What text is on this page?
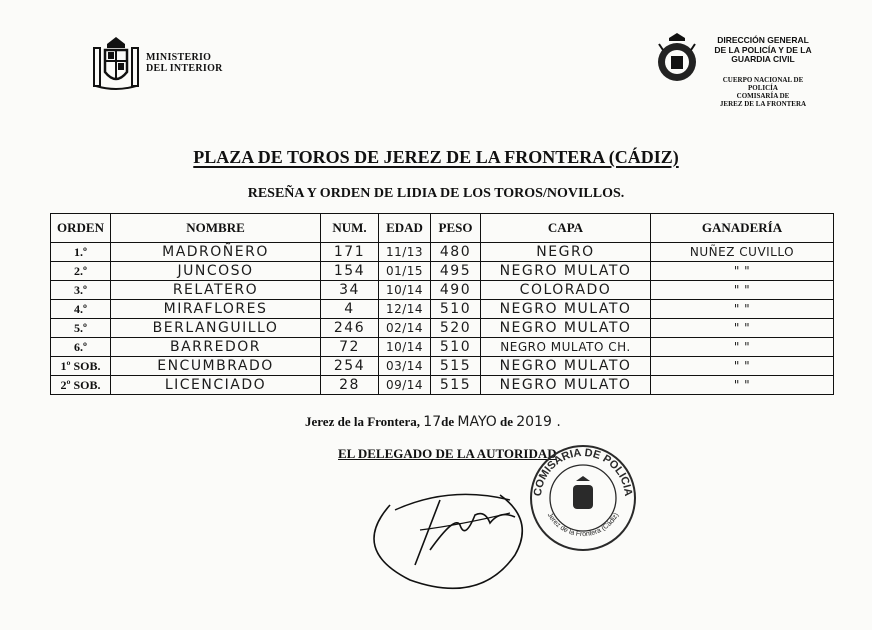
MINISTERIO
DEL INTERIOR
DIRECCIÓN GENERAL
DE LA POLICÍA Y DE LA
GUARDIA CIVIL
CUERPO NACIONAL DE
POLICÍA
COMISARÍA DE
JEREZ DE LA FRONTERA
PLAZA DE TOROS DE JEREZ DE LA FRONTERA (CÁDIZ)
RESEÑA Y ORDEN DE LIDIA DE LOS TOROS/NOVILLOS.
ORDEN	NOMBRE	NUM.	EDAD	PESO	CAPA	GANADERÍA
1.º	MADROÑERO	171	11/13	480	NEGRO	NUÑEZ CUVILLO
2.º	JUNCOSO	154	01/15	495	NEGRO MULATO	" "
3.º	RELATERO	34	10/14	490	COLORADO	" "
4.º	MIRAFLORES	4	12/14	510	NEGRO MULATO	" "
5.º	BERLANGUILLO	246	02/14	520	NEGRO MULATO	" "
6.º	BARREDOR	72	10/14	510	NEGRO MULATO CH.	" "
1º SOB.	ENCUMBRADO	254	03/14	515	NEGRO MULATO	" "
2º SOB.	LICENCIADO	28	09/14	515	NEGRO MULATO	" "
Jerez de la Frontera, 17de MAYO de 2019 .
EL DELEGADO DE LA AUTORIDAD
COMISARIA DE POLICIA
Jerez de la Frontera (Cádiz)
